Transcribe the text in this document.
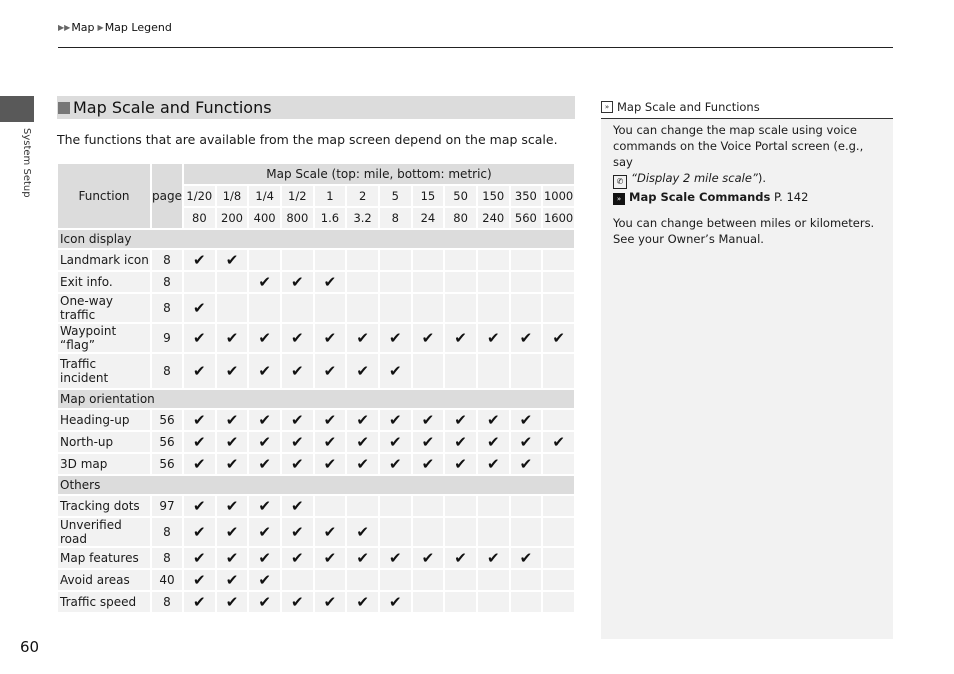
▶▶ Map ▶ Map Legend
System Setup
60
Map Scale and Functions
The functions that are available from the map screen depend on the map scale.
Function	page	Map Scale (top: mile, bottom: metric)											
		1/20	1/8	1/4	1/2	1	2	5	15	50	150	350	1000
		80	200	400	800	1.6	3.2	8	24	80	240	560	1600
Icon display													
Landmark icon	8	✔	✔										
Exit info.	8			✔	✔	✔							
One-way traffic	8	✔											
Waypoint “flag”	9	✔	✔	✔	✔	✔	✔	✔	✔	✔	✔	✔	✔
Traffic incident	8	✔	✔	✔	✔	✔	✔	✔					
Map orientation													
Heading-up	56	✔	✔	✔	✔	✔	✔	✔	✔	✔	✔	✔	
North-up	56	✔	✔	✔	✔	✔	✔	✔	✔	✔	✔	✔	✔
3D map	56	✔	✔	✔	✔	✔	✔	✔	✔	✔	✔	✔	
Others													
Tracking dots	97	✔	✔	✔	✔								
Unverified road	8	✔	✔	✔	✔	✔	✔						
Map features	8	✔	✔	✔	✔	✔	✔	✔	✔	✔	✔	✔	
Avoid areas	40	✔	✔	✔									
Traffic speed	8	✔	✔	✔	✔	✔	✔	✔					
» Map Scale and Functions
You can change the map scale using voice commands on the Voice Portal screen (e.g., say
✆ “Display 2 mile scale”).
» Map Scale Commands P. 142
You can change between miles or kilometers. See your Owner’s Manual.
